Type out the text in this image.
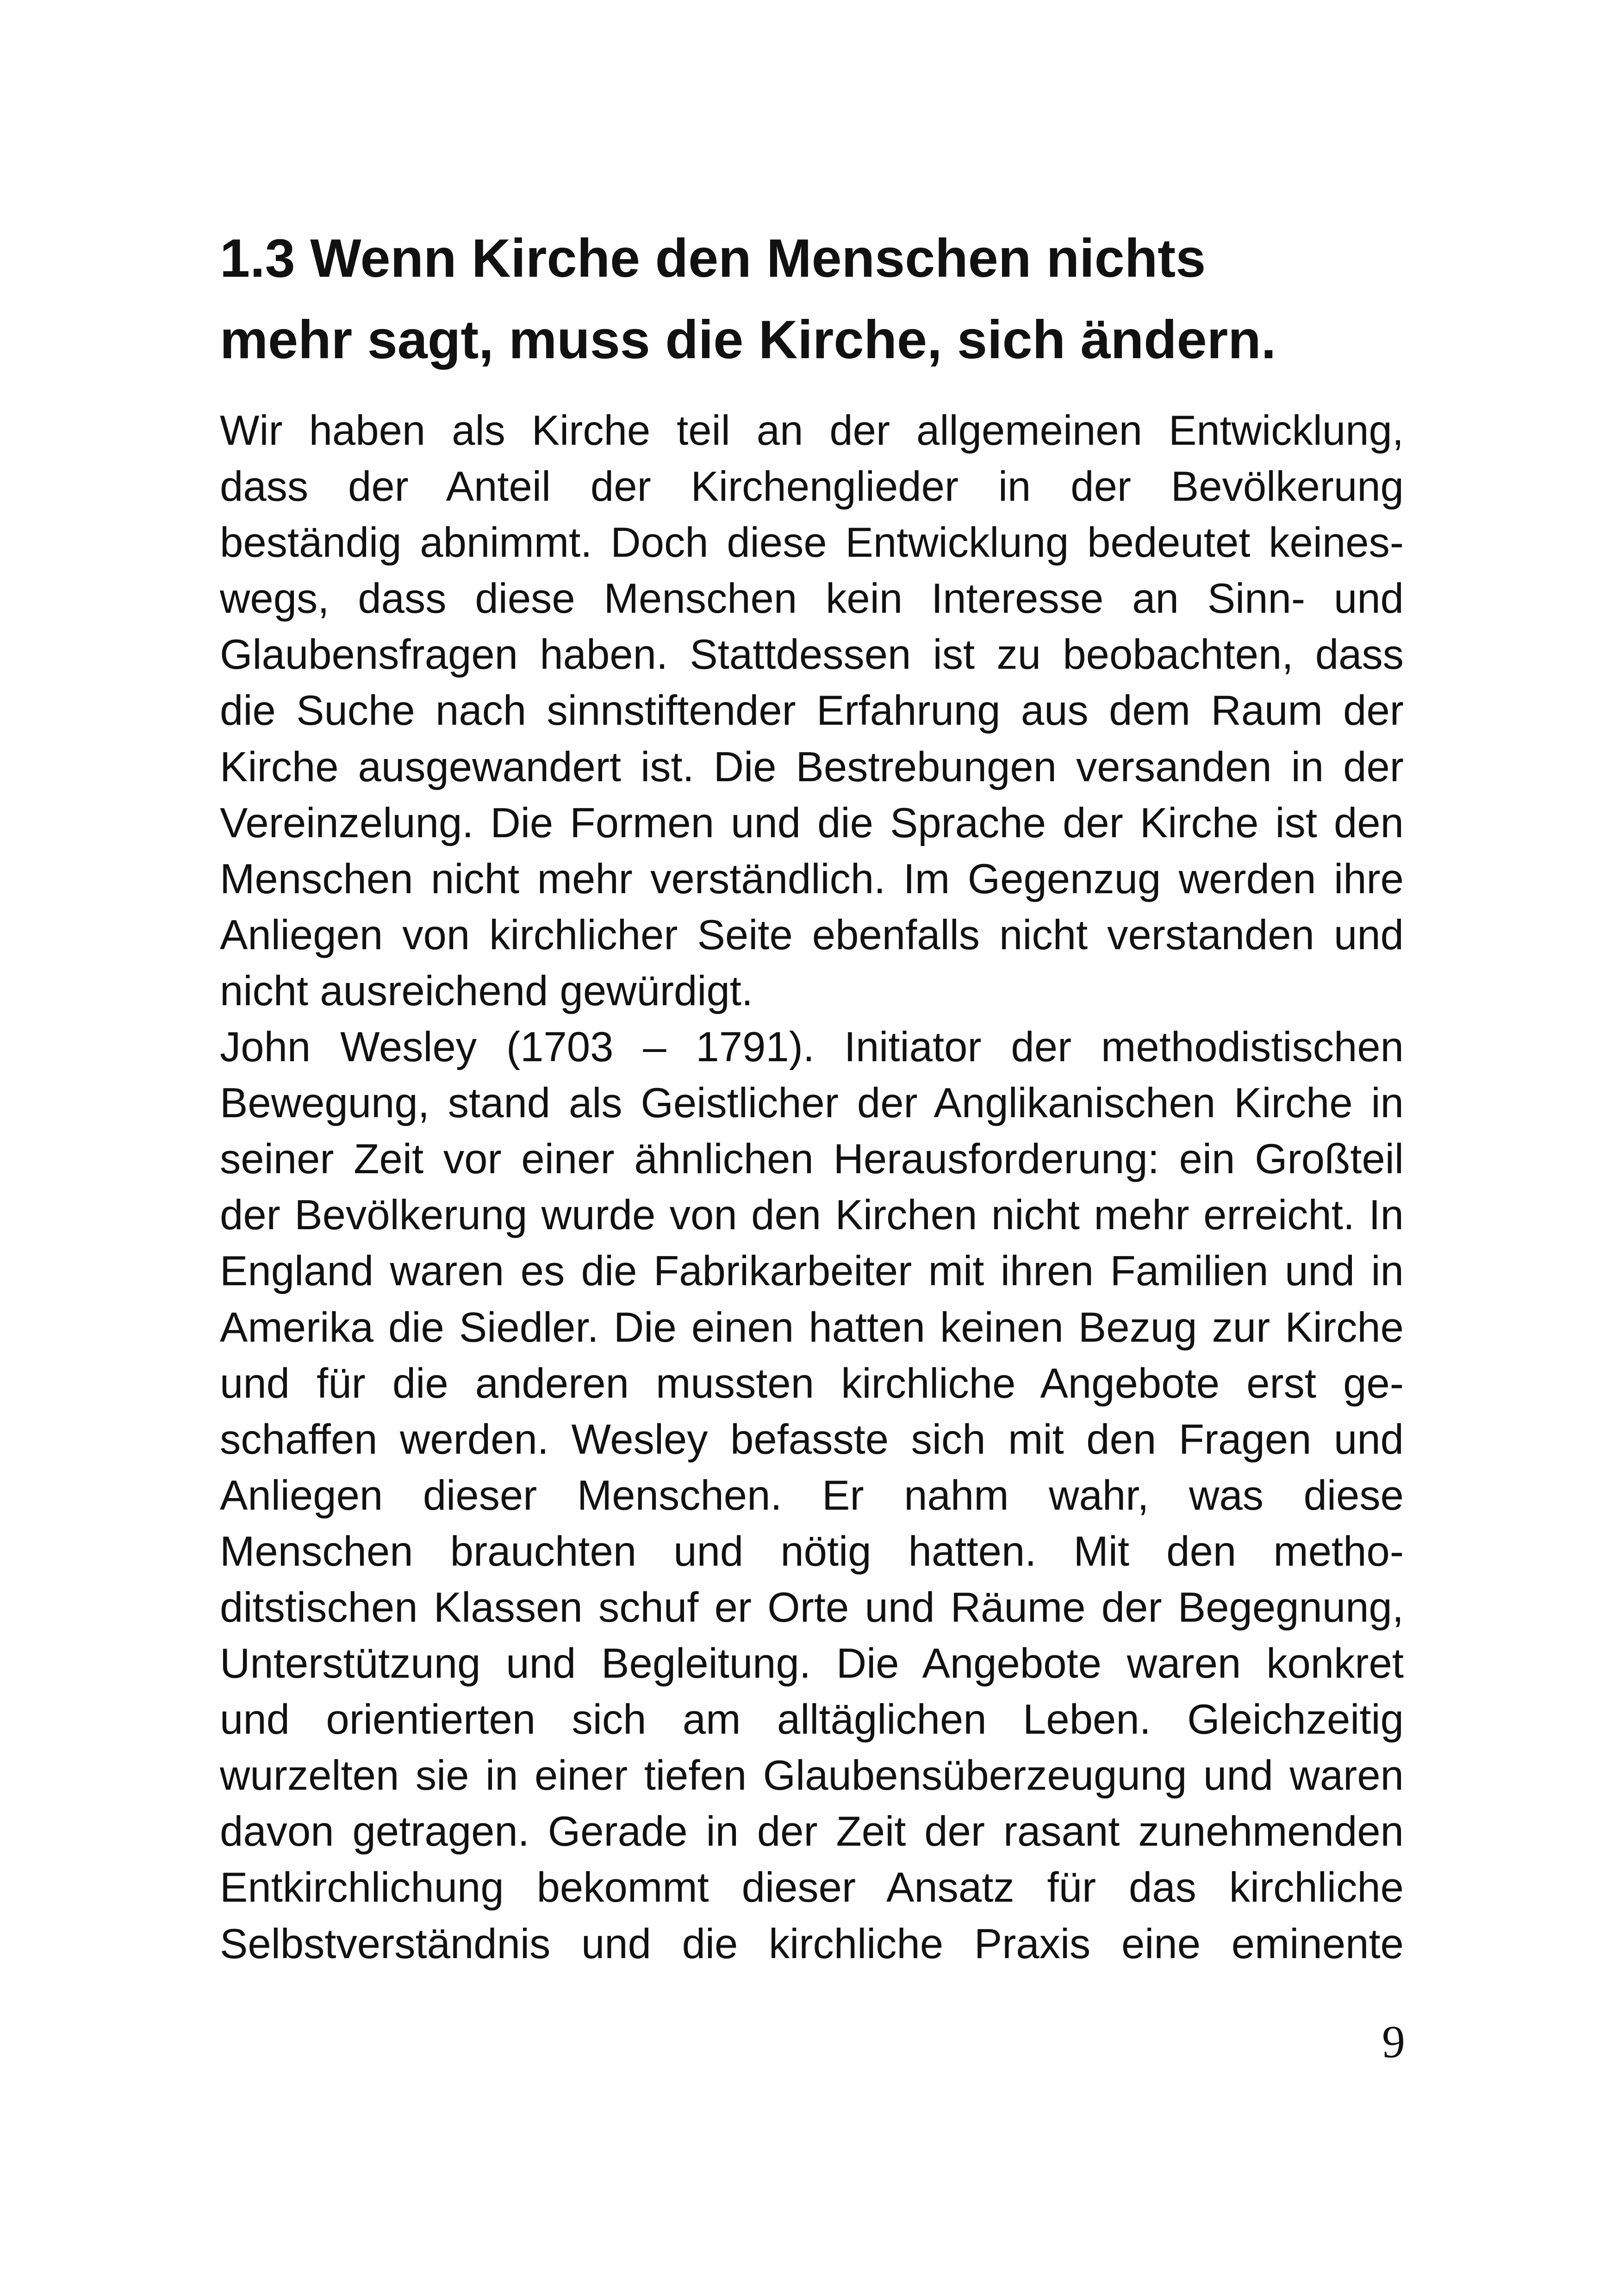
1.3 Wenn Kirche den Menschen nichts
mehr sagt, muss die Kirche, sich ändern.
Wir haben als Kirche teil an der allgemeinen Entwicklung,
dass der Anteil der Kirchenglieder in der Bevölkerung
beständig abnimmt. Doch diese Entwicklung bedeutet keines-
wegs, dass diese Menschen kein Interesse an Sinn- und
Glaubensfragen haben. Stattdessen ist zu beobachten, dass
die Suche nach sinnstiftender Erfahrung aus dem Raum der
Kirche ausgewandert ist. Die Bestrebungen versanden in der
Vereinzelung. Die Formen und die Sprache der Kirche ist den
Menschen nicht mehr verständlich. Im Gegenzug werden ihre
Anliegen von kirchlicher Seite ebenfalls nicht verstanden und
nicht ausreichend gewürdigt.
John Wesley (1703 – 1791). Initiator der methodistischen
Bewegung, stand als Geistlicher der Anglikanischen Kirche in
seiner Zeit vor einer ähnlichen Herausforderung: ein Großteil
der Bevölkerung wurde von den Kirchen nicht mehr erreicht. In
England waren es die Fabrikarbeiter mit ihren Familien und in
Amerika die Siedler. Die einen hatten keinen Bezug zur Kirche
und für die anderen mussten kirchliche Angebote erst ge-
schaffen werden. Wesley befasste sich mit den Fragen und
Anliegen dieser Menschen. Er nahm wahr, was diese
Menschen brauchten und nötig hatten. Mit den metho-
ditstischen Klassen schuf er Orte und Räume der Begegnung,
Unterstützung und Begleitung. Die Angebote waren konkret
und orientierten sich am alltäglichen Leben. Gleichzeitig
wurzelten sie in einer tiefen Glaubensüberzeugung und waren
davon getragen. Gerade in der Zeit der rasant zunehmenden
Entkirchlichung bekommt dieser Ansatz für das kirchliche
Selbstverständnis und die kirchliche Praxis eine eminente

9
